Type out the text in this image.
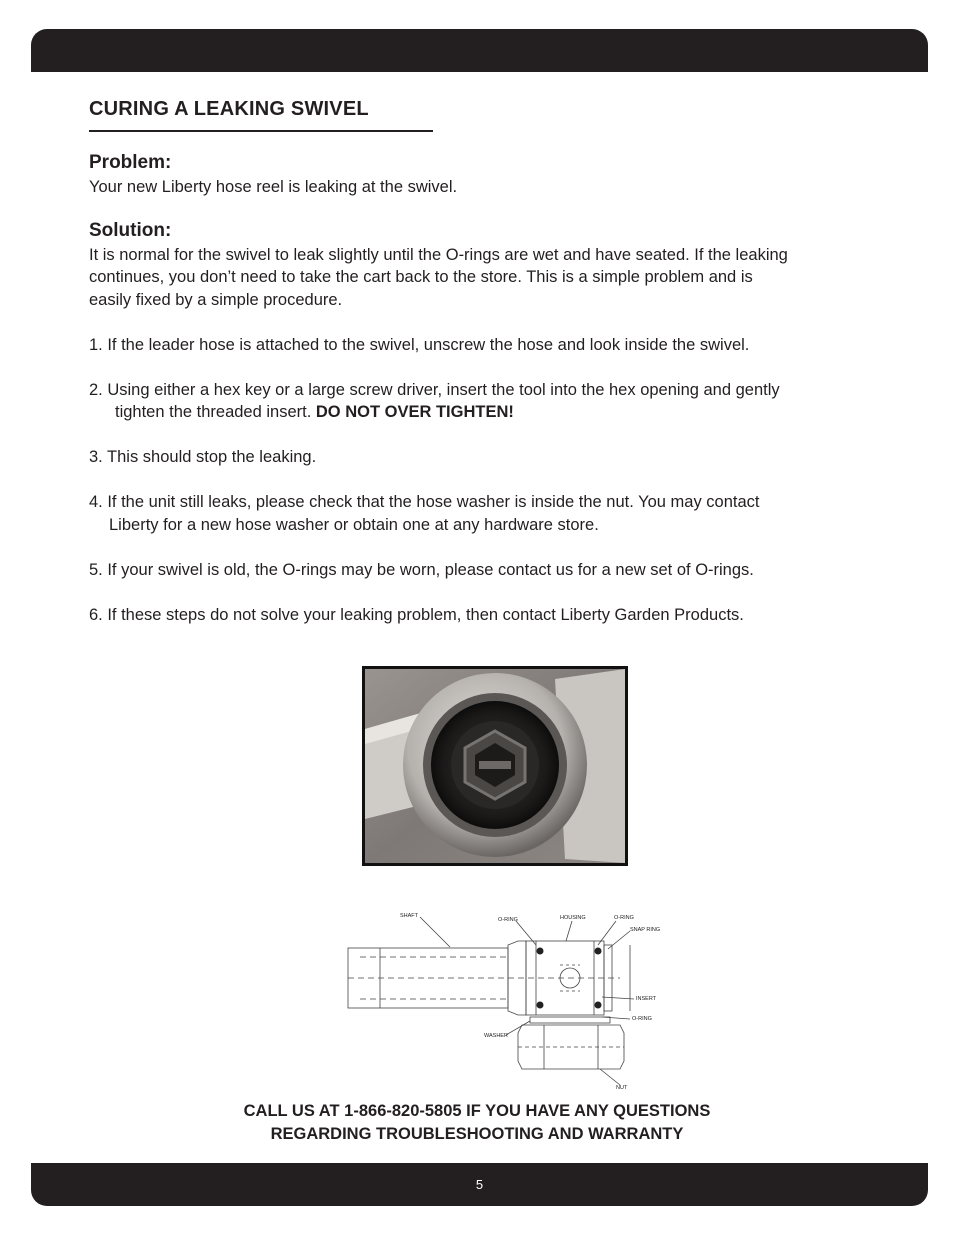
CURING A LEAKING SWIVEL
Problem:

Your new Liberty hose reel is leaking at the swivel.

Solution:

It is normal for the swivel to leak slightly until the O-rings are wet and have seated. If the leaking
continues, you don’t need to take the cart back to the store. This is a simple problem and is
easily fixed by a simple procedure.

1. If the leader hose is attached to the swivel, unscrew the hose and look inside the swivel.

2. Using either a hex key or a large screw driver, insert the tool into the hex opening and gently
tighten the threaded insert. DO NOT OVER TIGHTEN!

3. This should stop the leaking.

4. If the unit still leaks, please check that the hose washer is inside the nut. You may contact
Liberty for a new hose washer or obtain one at any hardware store.

5. If your swivel is old, the O-rings may be worn, please contact us for a new set of O-rings.

6. If these steps do not solve your leaking problem, then contact Liberty Garden Products.

SHAFT
O-RING	HOUSING	O-RING
SNAP RING
INSERT
O-RING
WASHER
NUT
CALL US AT 1-866-820-5805 IF YOU HAVE ANY QUESTIONS
REGARDING TROUBLESHOOTING AND WARRANTY
5
